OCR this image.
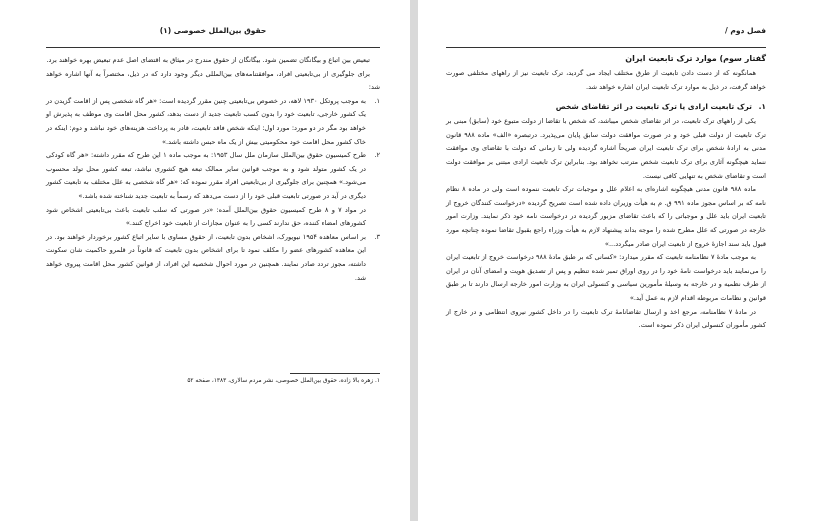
حقوق بین‌الملل خصوصی (۱)

تبعیض بین اتباع و بیگانگان تضمین شود. بیگانگان از حقوق مندرج در میثاق به اقتضای اصل عدم تبعیض بهره خواهند برد.

برای جلوگیری از بی‌تابعیتی افراد، موافقتنامه‌های بین‌المللی دیگر وجود دارد که در ذیل، مختصراً به آنها اشاره خواهد شد:

۱.
به موجب پروتکل ۱۹۳۰ لاهه، در خصوص بی‌تابعیتی چنین مقرر گردیده است: «هر گاه شخصی پس از اقامت گزیدن در یک کشور خارجی، تابعیت خود را بدون کسب تابعیت جدید از دست بدهد، کشور محل اقامت وی موظف به پذیرش او خواهد بود مگر در دو مورد: مورد اول: اینکه شخص فاقد تابعیت، قادر به پرداخت هزینه‌های خود نباشد و دوم: اینکه در خاک کشور محل اقامت خود محکومیتی بیش از یک ماه حبس داشته باشد.»
۲.
طرح کمیسیون حقوق بین‌الملل سازمان ملل سال ۱۹۵۳: به موجب ماده ۱ این طرح که مقرر داشته: «هر گاه کودکی در یک کشور متولد شود و به موجب قوانین سایر ممالک تبعه هیچ کشوری نباشد، تبعه کشور محل تولد محسوب می‌شود.» همچنین برای جلوگیری از بی‌تابعیتی افراد مقرر نموده که: «هر گاه شخصی به علل مختلف به تابعیت کشور دیگری در آید در صورتی تابعیت قبلی خود را از دست می‌دهد که رسماً به تابعیت جدید شناخته شده باشد.»
در مواد ۷ و ۸ طرح کمیسیون حقوق بین‌الملل آمده: «در صورتی که سلب تابعیت باعث بی‌تابعیتی اشخاص شود کشورهای امضاء کننده، حق ندارند کسی را به عنوان مجازات از تابعیت خود اخراج کنند.»
۳.
بر اساس معاهده ۱۹۵۴ نیویورک، اشخاص بدون تابعیت، از حقوق مساوی با سایر اتباع کشور برخوردار خواهند بود. در این معاهده کشورهای عضو را مکلف نمود تا برای اشخاص بدون تابعیت که قانوناً در قلمرو حاکمیت شان سکونت داشته، مجوز تردد صادر نمایند. همچنین در مورد احوال شخصیه این افراد، از قوانین کشور محل اقامت پیروی خواهد شد.
۱. زهره بالا زاده، حقوق بین‌الملل خصوصی، نشر مردم سالاری، ۱۳۸۳، صفحه ۵۲
فصل دوم /
گفتار سوم) موارد ترک تابعیت ایران

همانگونه که از دست دادن تابعیت از طرق مختلف ایجاد می گردید، ترک تابعیت نیز از راههای مختلفی صورت خواهد گرفت، در ذیل به موارد ترک تابعیت ایران اشاره خواهد شد.

۱.
ترک تابعیت ارادی یا ترک تابعیت در اثر تقاضای شخص

یکی از راههای ترک تابعیت، در اثر تقاضای شخص میباشد، که شخص با تقاضا از دولت متبوع خود (سابق) مبنی بر ترک تابعیت از دولت قبلی خود و در صورت موافقت دولت سابق پایان می‌پذیرد. درتبصره «الف» ماده ۹۸۸ قانون مدنی به ارادهٔ شخص برای ترک تابعیت ایران صریحاً اشاره گردیده ولی تا زمانی که دولت با تقاضای وی موافقت ننماید هیچگونه آثاری برای ترک تابعیت شخص مترتب نخواهد بود. بنابراین ترک تابعیت ارادی مبتنی بر موافقت دولت است و تقاضای شخص به تنهایی کافی نیست.

ماده ۹۸۸ قانون مدنی هیچگونه اشاره‌ای به اعلام علل و موجبات ترک تابعیت ننموده است ولی در ماده ۸ نظام نامه که بر اساس مجوز ماده ۹۹۱ ق. م به هیأت وزیران داده شده است تصریح گردیده «درخواست کنندگان خروج از تابعیت ایران باید علل و موجباتی را که باعث تقاضای مزبور گردیده در درخواست نامه خود ذکر نمایند. وزارت امور خارجه در صورتی که علل مطرح شده را موجه بداند پیشنهاد لازم به هیأت وزراء راجع بقبول تقاضا نموده چنانچه مورد قبول باید سند اجازهٔ خروج از تابعیت ایران صادر میگردد...»

به موجب مادهٔ ۷ نظامنامه تابعیت که مقرر میدارد: «کسانی که بر طبق مادهٔ ۹۸۸ درخواست خروج از تابعیت ایران را می‌نمایند باید درخواست نامهٔ خود را در روی اوراق تمبر شده تنظیم و پس از تصدیق هویت و امضای آنان در ایران از طرف نظمیه و در خارجه به وسیلهٔ مأمورین سیاسی و کنسولی ایران به وزارت امور خارجه ارسال دارند تا بر طبق قوانین و نظامات مربوطه اقدام لازم به عمل آید.»

در مادهٔ ۷ نظامنامه، مرجع اخذ و ارسال تقاضانامهٔ ترک تابعیت را در داخل کشور نیروی انتظامی و در خارج از کشور مأموران کنسولی ایران ذکر نموده است.
